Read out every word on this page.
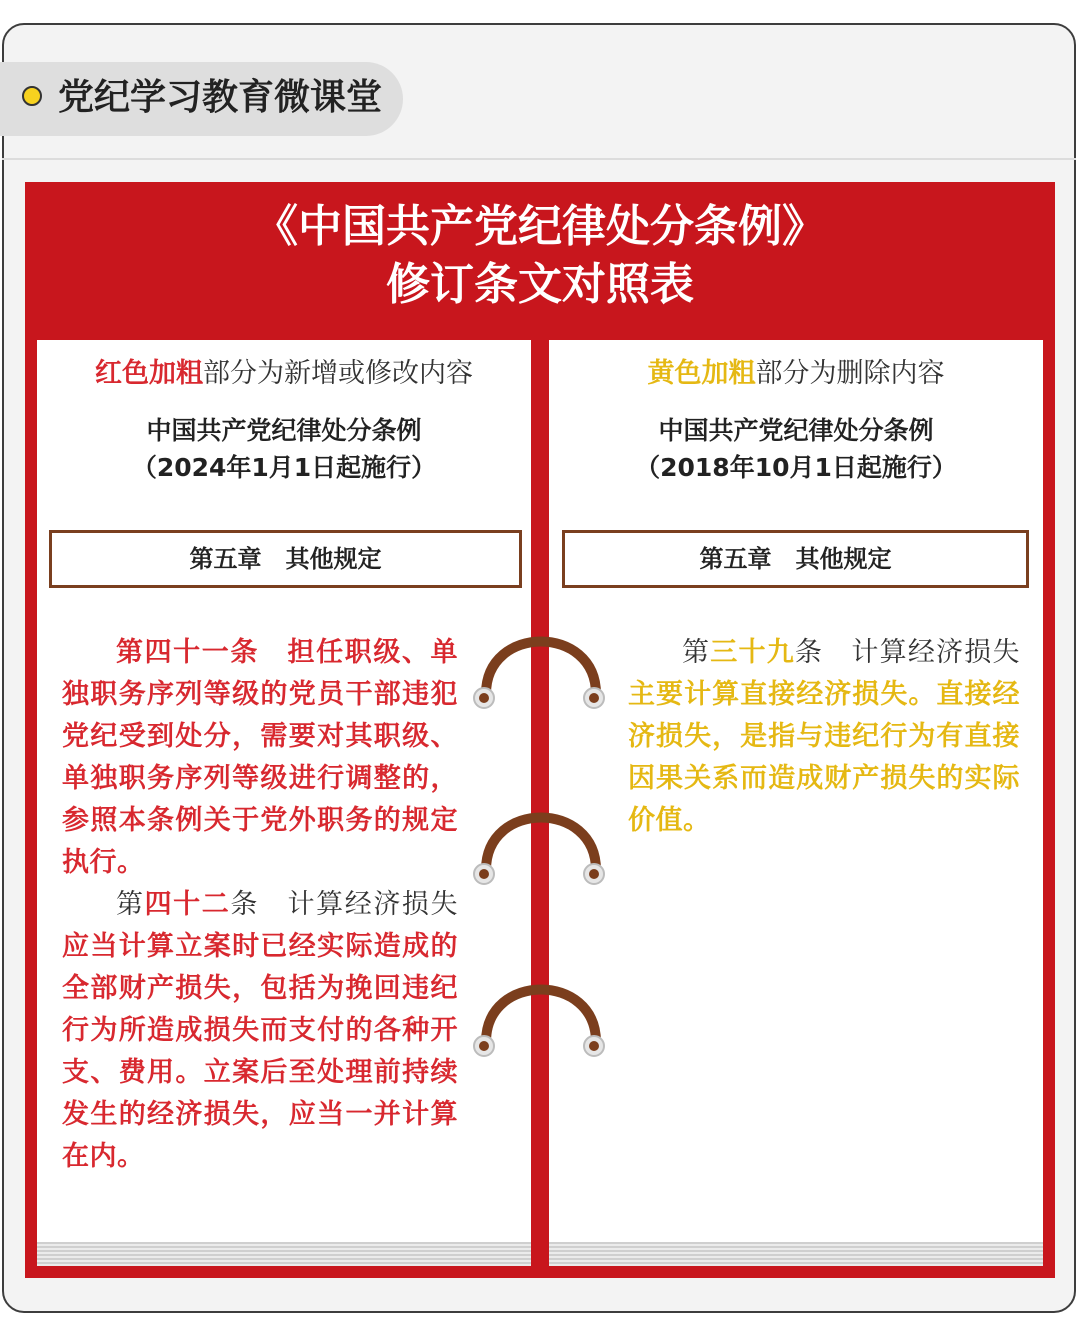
党纪学习教育微课堂
《中国共产党纪律处分条例》
修订条文对照表
红色加粗部分为新增或修改内容	黄色加粗部分为删除内容
中国共产党纪律处分条例
（2024年1月1日起施行）
中国共产党纪律处分条例
（2018年10月1日起施行）
第五章　其他规定	第五章　其他规定

第四十一条　担任职级、单独职务序列等级的党员干部违犯党纪受到处分，需要对其职级、单独职务序列等级进行调整的，参照本条例关于党外职务的规定执行。

第四十二条　计算经济损失应当计算立案时已经实际造成的全部财产损失，包括为挽回违纪行为所造成损失而支付的各种开支、费用。立案后至处理前持续发生的经济损失，应当一并计算在内。

第三十九条　计算经济损失主要计算直接经济损失。直接经济损失，是指与违纪行为有直接因果关系而造成财产损失的实际价值。
